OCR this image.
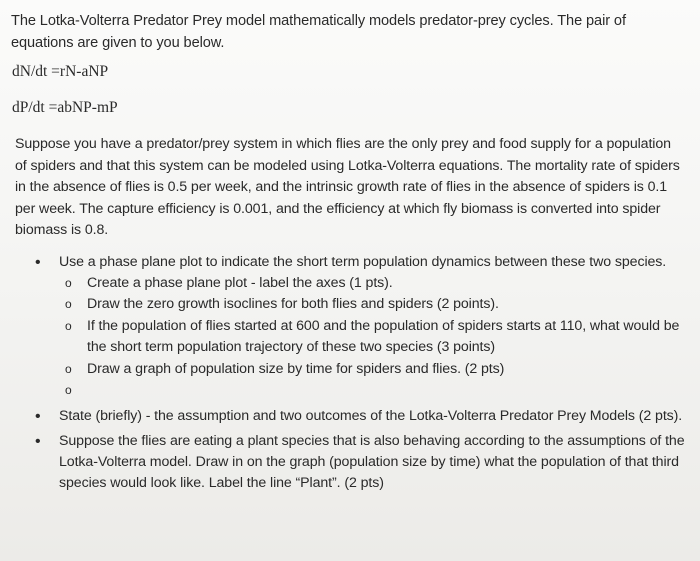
The Lotka-Volterra Predator Prey model mathematically models predator-prey cycles. The pair of equations are given to you below.

dN/dt =rN-aNP

dP/dt =abNP-mP

Suppose you have a predator/prey system in which flies are the only prey and food supply for a population of spiders and that this system can be modeled using Lotka-Volterra equations. The mortality rate of spiders in the absence of flies is 0.5 per week, and the intrinsic growth rate of flies in the absence of spiders is 0.1 per week. The capture efficiency is 0.001, and the efficiency at which fly biomass is converted into spider biomass is 0.8.

• Use a phase plane plot to indicate the short term population dynamics between these two species.
o Create a phase plane plot - label the axes (1 pts).
o Draw the zero growth isoclines for both flies and spiders (2 points).
o If the population of flies started at 600 and the population of spiders starts at 110, what would be the short term population trajectory of these two species (3 points)
o Draw a graph of population size by time for spiders and flies. (2 pts)
o
• State (briefly) - the assumption and two outcomes of the Lotka-Volterra Predator Prey Models (2 pts).
• Suppose the flies are eating a plant species that is also behaving according to the assumptions of the Lotka-Volterra model. Draw in on the graph (population size by time) what the population of that third species would look like. Label the line “Plant”. (2 pts)
